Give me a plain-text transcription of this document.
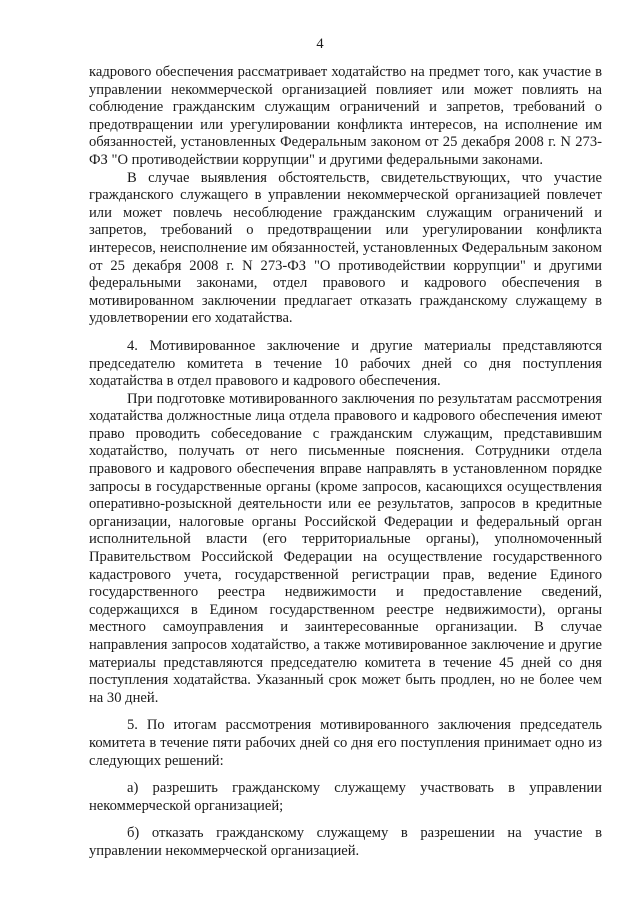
4

кадрового обеспечения рассматривает ходатайство на предмет того, как участие в управлении некоммерческой организацией повлияет или может повлиять на соблюдение гражданским служащим ограничений и запретов, требований о предотвращении или урегулировании конфликта интересов, на исполнение им обязанностей, установленных Федеральным законом от 25 декабря 2008 г. N 273-ФЗ "О противодействии коррупции" и другими федеральными законами.

В случае выявления обстоятельств, свидетельствующих, что участие гражданского служащего в управлении некоммерческой организацией повлечет или может повлечь несоблюдение гражданским служащим ограничений и запретов, требований о предотвращении или урегулировании конфликта интересов, неисполнение им обязанностей, установленных Федеральным законом от 25 декабря 2008 г. N 273-ФЗ "О противодействии коррупции" и другими федеральными законами, отдел правового и кадрового обеспечения в мотивированном заключении предлагает отказать гражданскому служащему в удовлетворении его ходатайства.

4. Мотивированное заключение и другие материалы представляются председателю комитета в течение 10 рабочих дней со дня поступления ходатайства в отдел правового и кадрового обеспечения.

При подготовке мотивированного заключения по результатам рассмотрения ходатайства должностные лица отдела правового и кадрового обеспечения имеют право проводить собеседование с гражданским служащим, представившим ходатайство, получать от него письменные пояснения. Сотрудники отдела правового и кадрового обеспечения вправе направлять в установленном порядке запросы в государственные органы (кроме запросов, касающихся осуществления оперативно-розыскной деятельности или ее результатов, запросов в кредитные организации, налоговые органы Российской Федерации и федеральный орган исполнительной власти (его территориальные органы), уполномоченный Правительством Российской Федерации на осуществление государственного кадастрового учета, государственной регистрации прав, ведение Единого государственного реестра недвижимости и предоставление сведений, содержащихся в Едином государственном реестре недвижимости), органы местного самоуправления и заинтересованные организации. В случае направления запросов ходатайство, а также мотивированное заключение и другие материалы представляются председателю комитета в течение 45 дней со дня поступления ходатайства. Указанный срок может быть продлен, но не более чем на 30 дней.

5. По итогам рассмотрения мотивированного заключения председатель комитета в течение пяти рабочих дней со дня его поступления принимает одно из следующих решений:

а) разрешить гражданскому служащему участвовать в управлении некоммерческой организацией;

б) отказать гражданскому служащему в разрешении на участие в управлении некоммерческой организацией.
